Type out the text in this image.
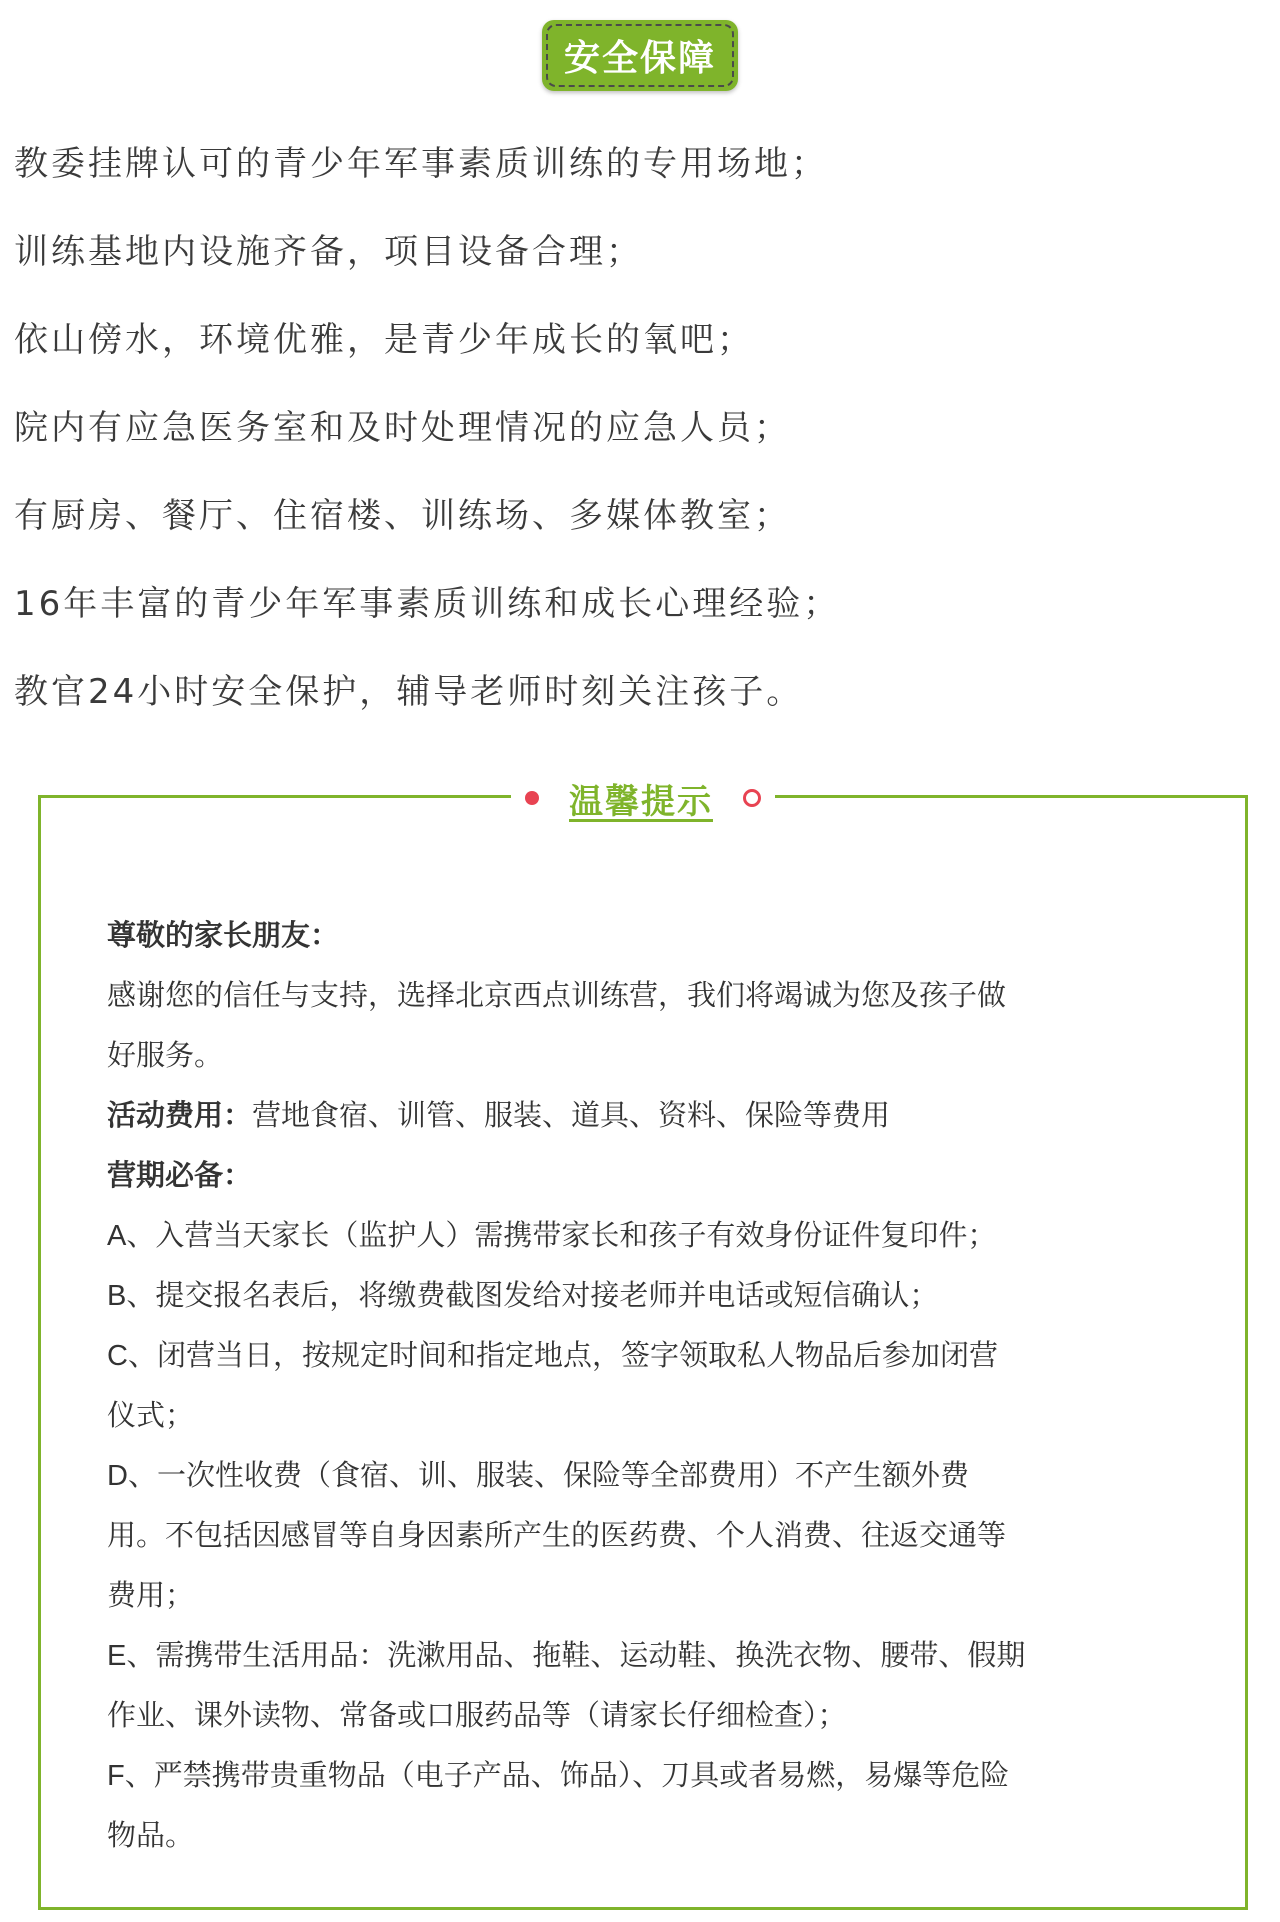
安全保障
教委挂牌认可的青少年军事素质训练的专用场地；
训练基地内设施齐备，项目设备合理；
依山傍水，环境优雅，是青少年成长的氧吧；
院内有应急医务室和及时处理情况的应急人员；
有厨房、餐厅、住宿楼、训练场、多媒体教室；
16年丰富的青少年军事素质训练和成长心理经验；
教官24小时安全保护，辅导老师时刻关注孩子。
温馨提示
尊敬的家长朋友：
感谢您的信任与支持，选择北京西点训练营，我们将竭诚为您及孩子做
好服务。
活动费用：营地食宿、训管、服装、道具、资料、保险等费用
营期必备：
A、入营当天家长（监护人）需携带家长和孩子有效身份证件复印件；
B、提交报名表后，将缴费截图发给对接老师并电话或短信确认；
C、闭营当日，按规定时间和指定地点，签字领取私人物品后参加闭营
仪式；
D、一次性收费（食宿、训、服装、保险等全部费用）不产生额外费
用。不包括因感冒等自身因素所产生的医药费、个人消费、往返交通等
费用；
E、需携带生活用品：洗漱用品、拖鞋、运动鞋、换洗衣物、腰带、假期
作业、课外读物、常备或口服药品等（请家长仔细检查）；
F、严禁携带贵重物品（电子产品、饰品）、刀具或者易燃，易爆等危险
物品。
